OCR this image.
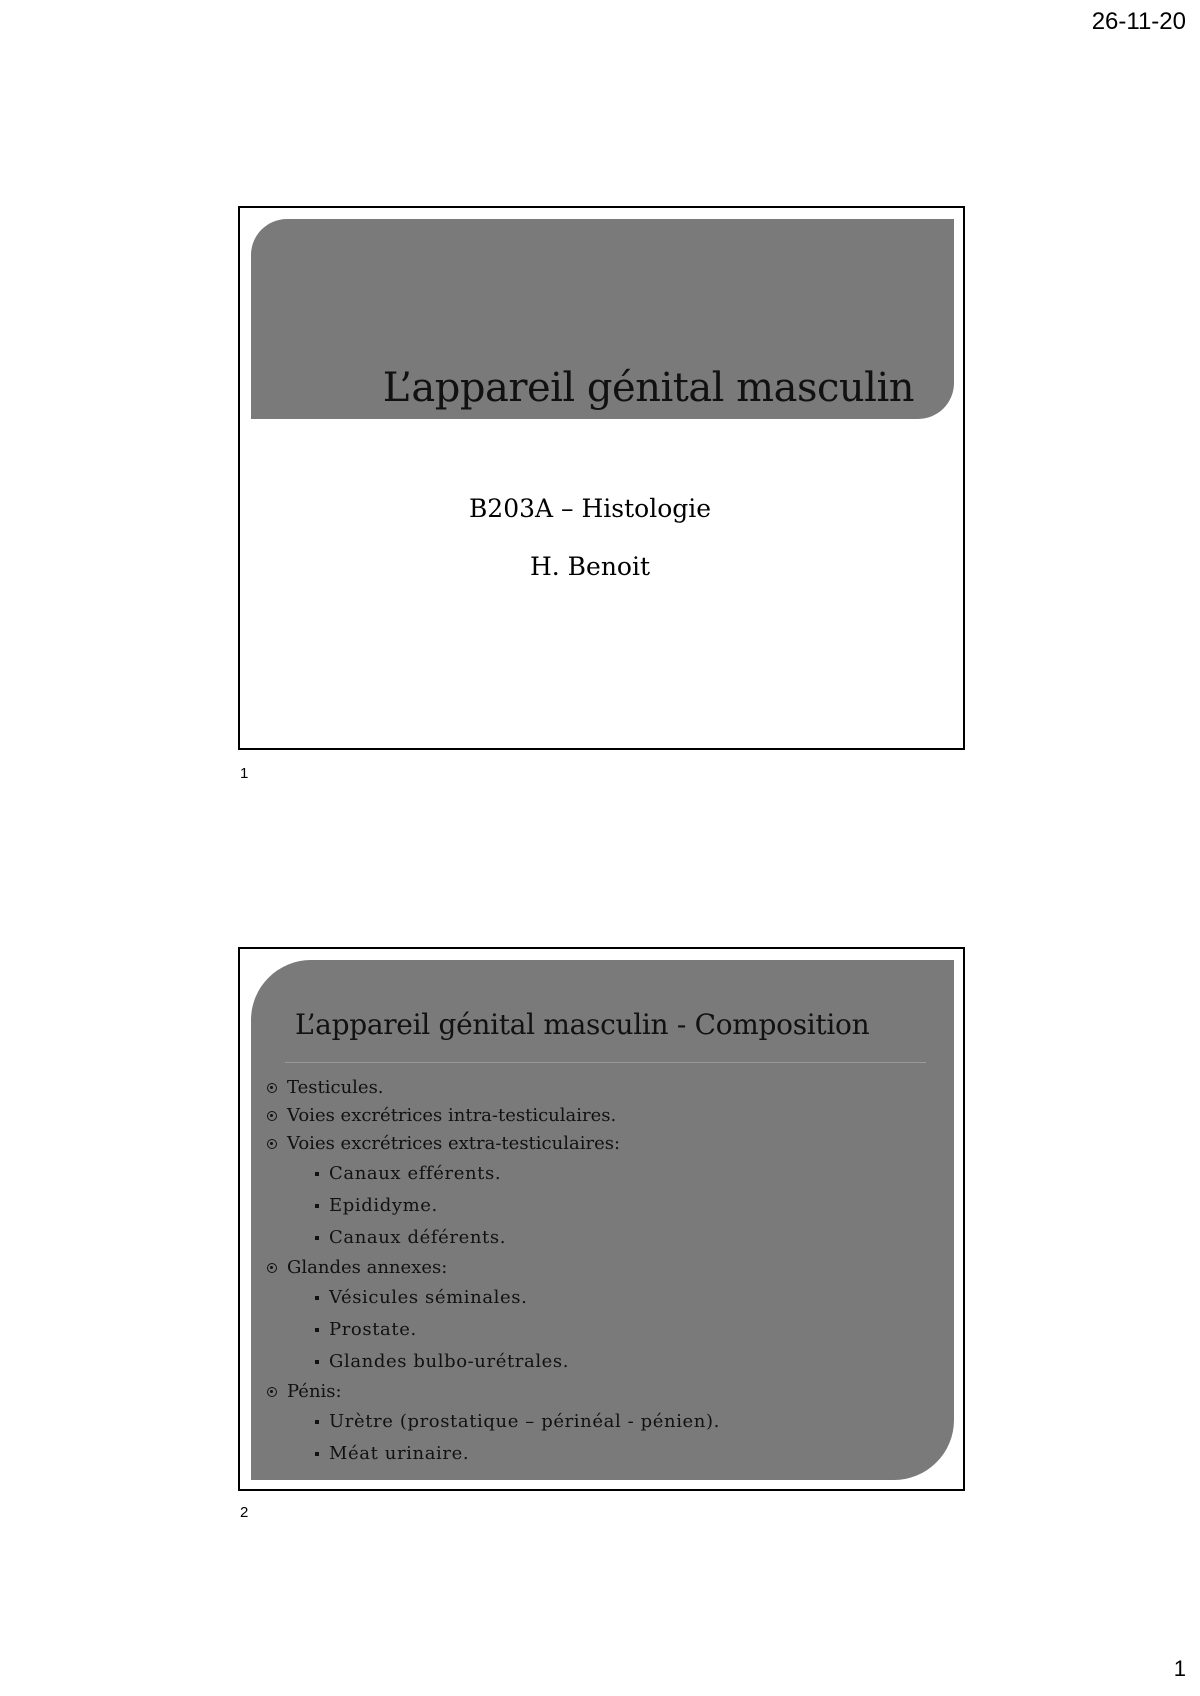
26-11-20
L’appareil génital masculin
B203A – Histologie
H. Benoit
1
L’appareil génital masculin - Composition
Testicules.
Voies excrétrices intra-testiculaires.
Voies excrétrices extra-testiculaires:
Canaux efférents.
Epididyme.
Canaux déférents.
Glandes annexes:
Vésicules séminales.
Prostate.
Glandes bulbo-urétrales.
Pénis:
Urètre (prostatique – périnéal - pénien).
Méat urinaire.
2
1
